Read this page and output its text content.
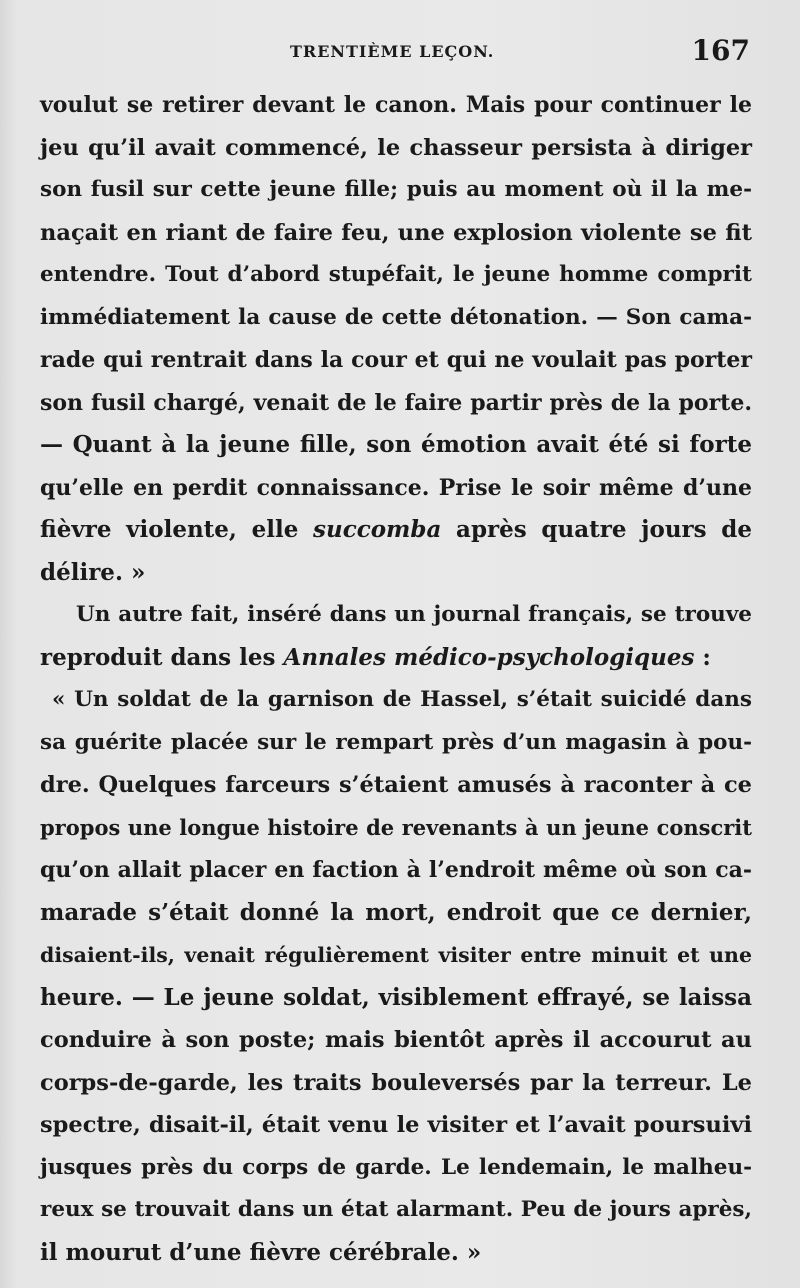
TRENTIÈME LEÇON.	167
voulut se retirer devant le canon. Mais pour continuer le
jeu qu’il avait commencé, le chasseur persista à diriger
son fusil sur cette jeune fille; puis au moment où il la me-
naçait en riant de faire feu, une explosion violente se fit
entendre. Tout d’abord stupéfait, le jeune homme comprit
immédiatement la cause de cette détonation. — Son cama-
rade qui rentrait dans la cour et qui ne voulait pas porter
son fusil chargé, venait de le faire partir près de la porte.
— Quant à la jeune fille, son émotion avait été si forte
qu’elle en perdit connaissance. Prise le soir même d’une
fièvre violente, elle succomba après quatre jours de
délire. »
Un autre fait, inséré dans un journal français, se trouve
reproduit dans les Annales médico-psychologiques :
« Un soldat de la garnison de Hassel, s’était suicidé dans
sa guérite placée sur le rempart près d’un magasin à pou-
dre. Quelques farceurs s’étaient amusés à raconter à ce
propos une longue histoire de revenants à un jeune conscrit
qu’on allait placer en faction à l’endroit même où son ca-
marade s’était donné la mort, endroit que ce dernier,
disaient-ils, venait régulièrement visiter entre minuit et une
heure. — Le jeune soldat, visiblement effrayé, se laissa
conduire à son poste; mais bientôt après il accourut au
corps-de-garde, les traits bouleversés par la terreur. Le
spectre, disait-il, était venu le visiter et l’avait poursuivi
jusques près du corps de garde. Le lendemain, le malheu-
reux se trouvait dans un état alarmant. Peu de jours après,
il mourut d’une fièvre cérébrale. »
